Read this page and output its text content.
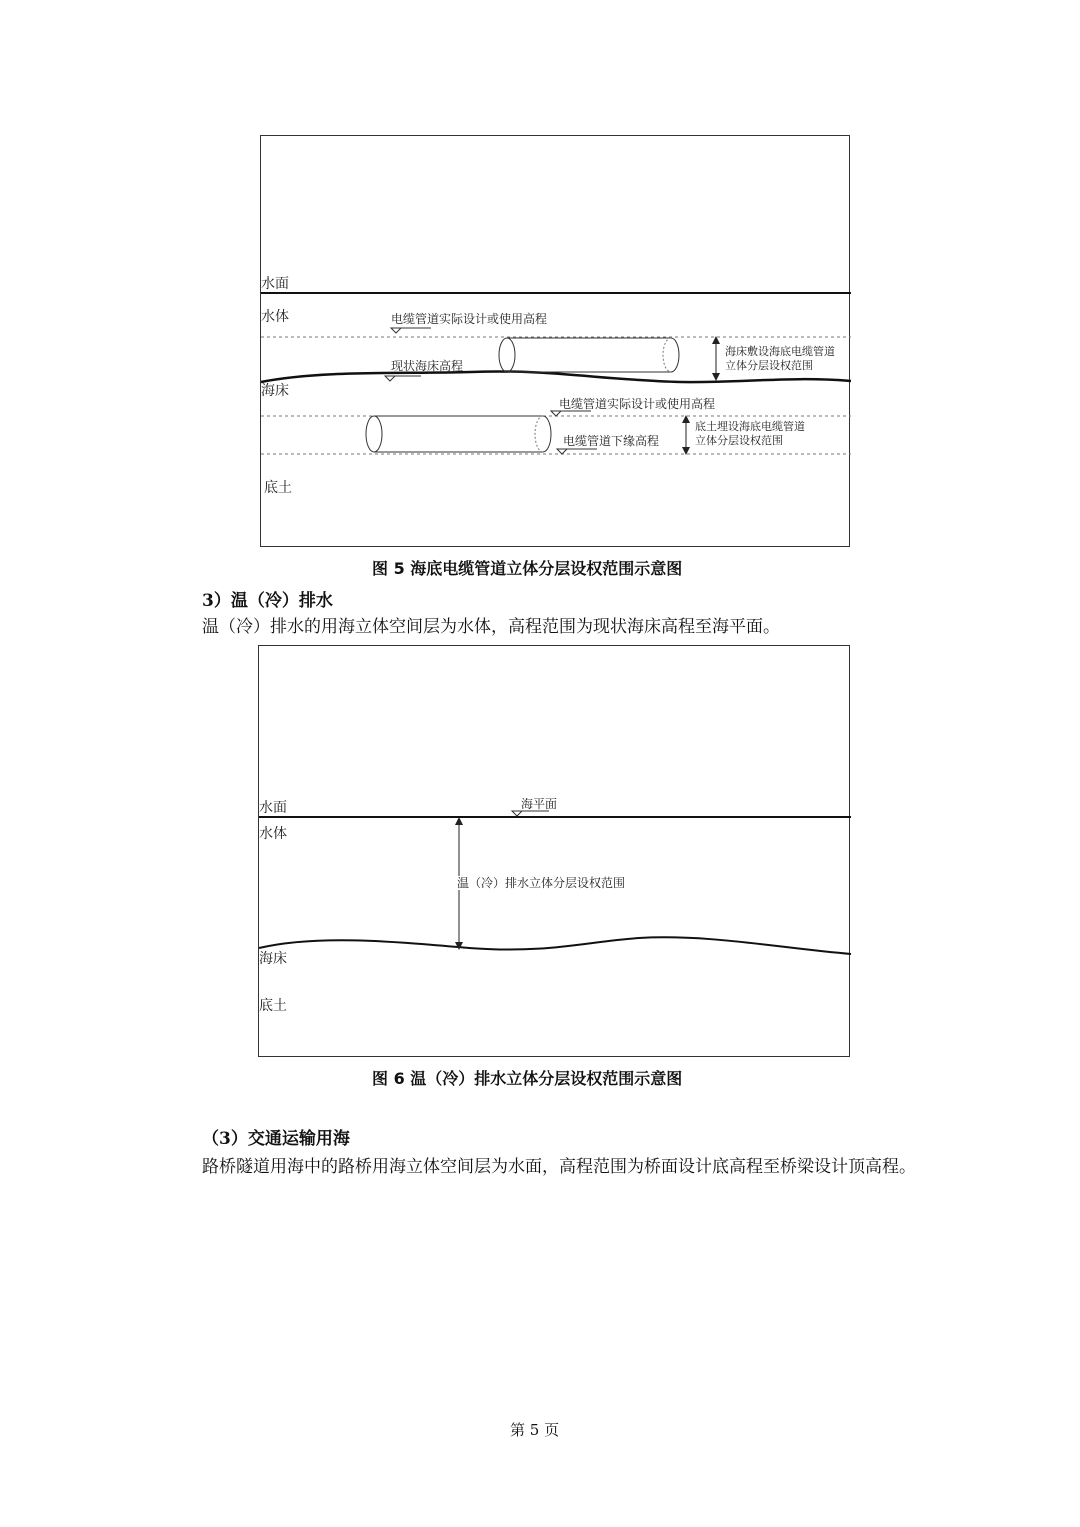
水面
水体
海床
底土
电缆管道实际设计或使用高程
现状海床高程
电缆管道实际设计或使用高程
电缆管道下缘高程
海床敷设海底电缆管道
立体分层设权范围
底土埋设海底电缆管道
立体分层设权范围
图 5 海底电缆管道立体分层设权范围示意图
3）温（冷）排水
温（冷）排水的用海立体空间层为水体，高程范围为现状海床高程至海平面。
水面
水体
海床
底土
海平面
温（冷）排水立体分层设权范围
图 6 温（冷）排水立体分层设权范围示意图
（3）交通运输用海
路桥隧道用海中的路桥用海立体空间层为水面，高程范围为桥面设计底高程至桥梁设计顶高程。
第 5 页
